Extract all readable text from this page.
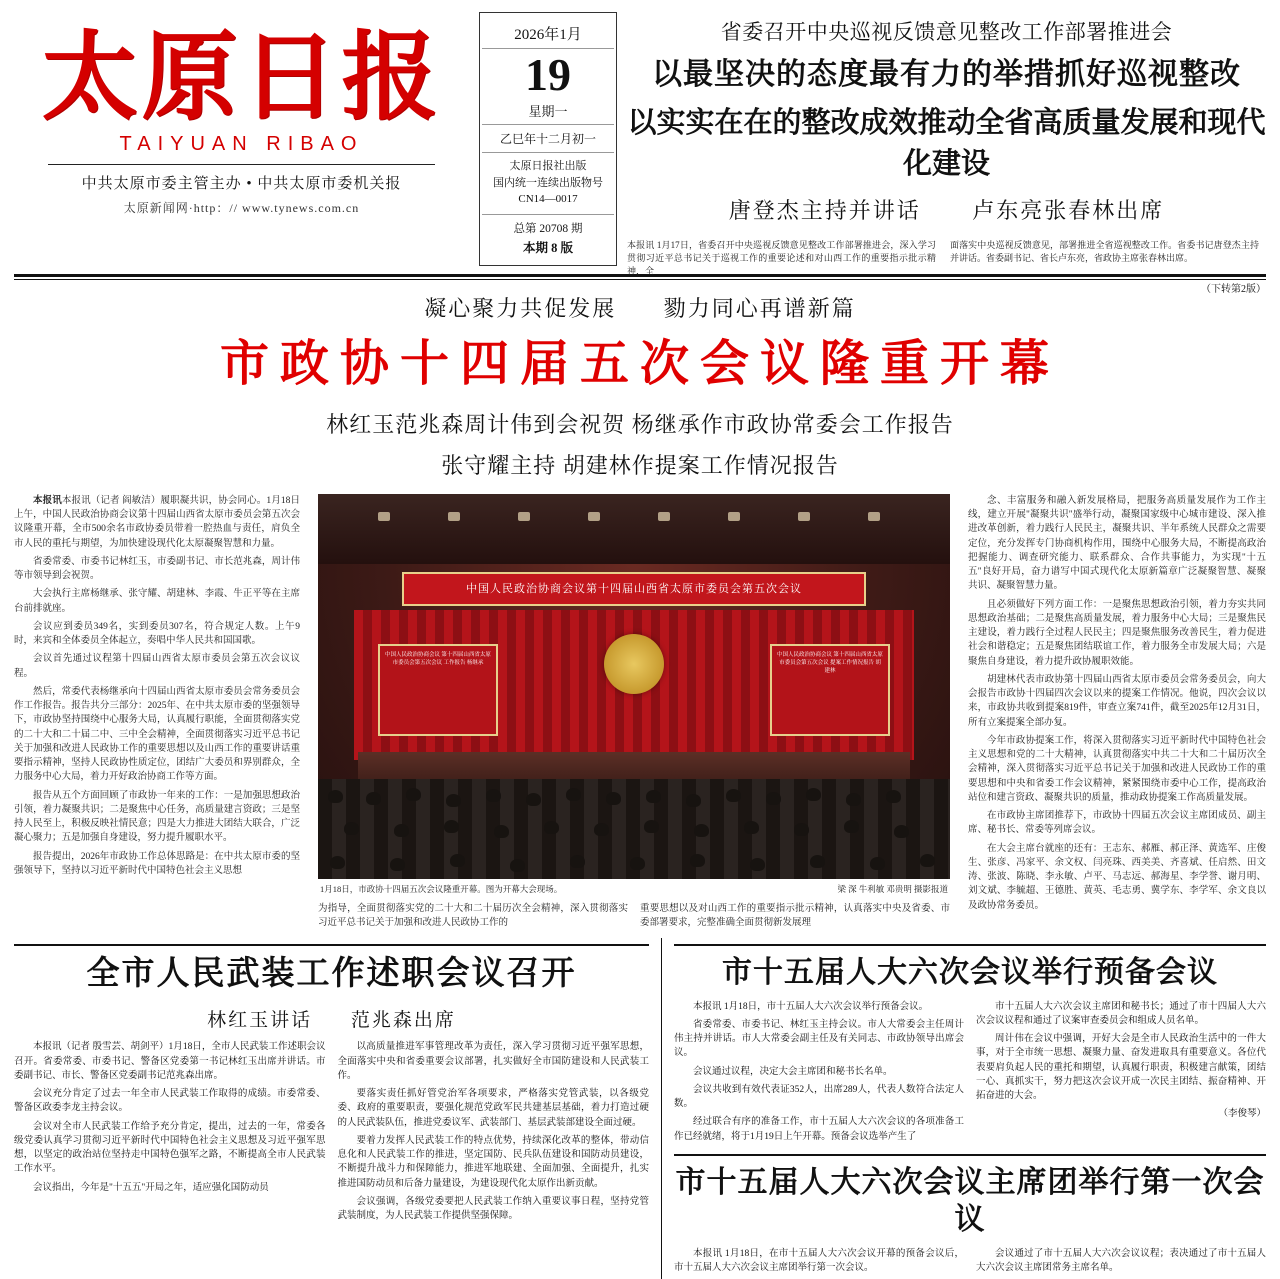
太原日报
TAIYUAN RIBAO
中共太原市委主管主办 • 中共太原市委机关报
太原新闻网·http：// www.tynews.com.cn
2026年1月
19
星期一
乙巳年十二月初一
太原日报社出版
国内统一连续出版物号
CN14—0017
总第 20708 期
本期 8 版
省委召开中央巡视反馈意见整改工作部署推进会
以最坚决的态度最有力的举措抓好巡视整改
以实实在在的整改成效推动全省高质量发展和现代化建设
唐登杰主持并讲话 卢东亮张春林出席
本报讯 1月17日，省委召开中央巡视反馈意见整改工作部署推进会，深入学习贯彻习近平总书记关于巡视工作的重要论述和对山西工作的重要指示批示精神，全
面落实中央巡视反馈意见，部署推进全省巡视整改工作。省委书记唐登杰主持并讲话。省委副书记、省长卢东亮，省政协主席张春林出席。
（下转第2版）
凝心聚力共促发展 勠力同心再谱新篇
市政协十四届五次会议隆重开幕
林红玉范兆森周计伟到会祝贺 杨继承作市政协常委会工作报告
张守耀主持 胡建林作提案工作情况报告

本报讯本报讯（记者 阎敏洁）履职凝共识，协会同心。1月18日上午，中国人民政治协商会议第十四届山西省太原市委员会第五次会议隆重开幕，全市500余名市政协委员带着一腔热血与责任，肩负全市人民的重托与期望，为加快建设现代化太原凝聚智慧和力量。

省委常委、市委书记林红玉，市委副书记、市长范兆森，周计伟等市领导到会祝贺。

大会执行主席杨继承、张守耀、胡建林、李霞、牛正平等在主席台前排就座。

会议应到委员349名，实到委员307名，符合规定人数。上午9时，来宾和全体委员全体起立，奏唱中华人民共和国国歌。

会议首先通过议程第十四届山西省太原市委员会第五次会议议程。

然后，常委代表杨继承向十四届山西省太原市委员会常务委员会作工作报告。报告共分三部分：2025年、在中共太原市委的坚强领导下，市政协坚持围绕中心服务大局，认真履行职能，全面贯彻落实党的二十大和二十届二中、三中全会精神，全面贯彻落实习近平总书记关于加强和改进人民政协工作的重要思想以及山西工作的重要讲话重要指示精神，坚持人民政协性质定位，团结广大委员和界别群众，全力服务中心大局，着力开好政治协商工作等方面。

报告从五个方面回顾了市政协一年来的工作：一是加强思想政治引领，着力凝聚共识；二是聚焦中心任务，高质量建言资政；三是坚持人民至上，积极反映社情民意；四是大力推进大团结大联合，广泛凝心聚力；五是加强自身建设，努力提升履职水平。

报告提出，2026年市政协工作总体思路是：在中共太原市委的坚强领导下，坚持以习近平新时代中国特色社会主义思想

中国人民政治协商会议第十四届山西省太原市委员会第五次会议
中国人民政治协商会议 第十四届山西省太原市委员会第五次会议 工作报告 杨继承
中国人民政治协商会议 第十四届山西省太原市委员会第五次会议 提案工作情况报告 胡建林
1月18日，市政协十四届五次会议隆重开幕。图为开幕大会现场。	梁 深 牛利敏 邓贵明 摄影报道
为指导，全面贯彻落实党的二十大和二十届历次全会精神，深入贯彻落实习近平总书记关于加强和改进人民政协工作的
重要思想以及对山西工作的重要指示批示精神，认真落实中央及省委、市委部署要求，完整准确全面贯彻新发展理

念、丰富服务和融入新发展格局，把服务高质量发展作为工作主线，建立开展"凝聚共识"盛举行动，凝聚国家级中心城市建设、深入推进改革创新，着力践行人民民主，凝聚共识、半年系统人民群众之需要定位，充分发挥专门协商机构作用，围绕中心服务大局，不断提高政治把握能力、调查研究能力、联系群众、合作共事能力，为实现"十五五"良好开局，奋力谱写中国式现代化太原新篇章广泛凝聚智慧、凝聚共识、凝聚智慧力量。

且必须做好下列方面工作：一是聚焦思想政治引领，着力夯实共同思想政治基础；二是聚焦高质量发展，着力服务中心大局；三是聚焦民主建设，着力践行全过程人民民主；四是聚焦服务改善民生，着力促进社会和谐稳定；五是聚焦团结联谊工作，着力服务全市发展大局；六是聚焦自身建设，着力提升政协履职效能。

胡建林代表市政协第十四届山西省太原市委员会常务委员会，向大会报告市政协十四届四次会议以来的提案工作情况。他说，四次会议以来，市政协共收到提案819件，审查立案741件，截至2025年12月31日，所有立案提案全部办复。

今年市政协提案工作，将深入贯彻落实习近平新时代中国特色社会主义思想和党的二十大精神，认真贯彻落实中共二十大和二十届历次全会精神，深入贯彻落实习近平总书记关于加强和改进人民政协工作的重要思想和中央和省委工作会议精神，紧紧围绕市委中心工作，提高政治站位和建言资政、凝聚共识的质量，推动政协提案工作高质量发展。

在市政协主席团推荐下，市政协十四届五次会议主席团成员、副主席、秘书长、常委等列席会议。

在大会主席台就座的还有：王志东、郝雁、郝正泽、黄选军、庄俊生、张彦、冯家平、余文权、闫亮珠、西美美、齐喜斌、任启然、田文涛、张波、陈晓、李永敏、卢平、马志远、郝海星、李学誉、谢月明、刘文斌、李毓超、王德胜、黄英、毛志勇、冀学东、李学军、余文良以及政协常务委员。

全市人民武装工作述职会议召开
林红玉讲话 范兆森出席

本报讯（记者 殷雪芸、胡剑平）1月18日，全市人民武装工作述职会议召开。省委常委、市委书记、警备区党委第一书记林红玉出席并讲话。市委副书记、市长、警备区党委副书记范兆森出席。

会议充分肯定了过去一年全市人民武装工作取得的成绩。市委常委、警备区政委李龙主持会议。

会议对全市人民武装工作给予充分肯定，提出，过去的一年，常委各级党委认真学习贯彻习近平新时代中国特色社会主义思想及习近平强军思想，以坚定的政治站位坚持走中国特色强军之路，不断提高全市人民武装工作水平。

会议指出，今年是"十五五"开局之年，适应强化国防动员

以高质量推进军事管理改革为责任，深入学习贯彻习近平强军思想，全面落实中央和省委重要会议部署，扎实做好全市国防建设和人民武装工作。

要落实责任抓好管党治军各项要求，严格落实党管武装，以各级党委、政府的重要职责，要强化规范党政军民共建基层基础，着力打造过硬的人民武装队伍，推进党委议军、武装部门、基层武装部建设全面过硬。

要着力发挥人民武装工作的特点优势，持续深化改革的整体，带动信息化和人民武装工作的推进，坚定国防、民兵队伍建设和国防动员建设，不断提升战斗力和保障能力，推进军地联建、全面加强、全面提升，扎实推进国防动员和后备力量建设，为建设现代化太原作出新贡献。

会议强调，各级党委要把人民武装工作纳入重要议事日程，坚持党管武装制度，为人民武装工作提供坚强保障。

市十五届人大六次会议举行预备会议

本报讯 1月18日，市十五届人大六次会议举行预备会议。

省委常委、市委书记、林红玉主持会议。市人大常委会主任周计伟主持并讲话。市人大常委会副主任及有关同志、市政协领导出席会议。

会议通过议程，决定大会主席团和秘书长名单。

会议共收到有效代表证352人，出席289人，代表人数符合法定人数。

经过联合有序的准备工作，市十五届人大六次会议的各项准备工作已经就绪，将于1月19日上午开幕。预备会议选举产生了

市十五届人大六次会议主席团和秘书长；通过了市十四届人大六次会议议程和通过了议案审查委员会和组成人员名单。

周计伟在会议中强调，开好大会是全市人民政治生活中的一件大事，对于全市统一思想、凝聚力量、奋发进取具有重要意义。各位代表要肩负起人民的重托和期望，认真履行职责，积极建言献策，团结一心、真抓实干，努力把这次会议开成一次民主团结、振奋精神、开拓奋进的大会。

（李俊琴）

市十五届人大六次会议主席团举行第一次会议

本报讯 1月18日，在市十五届人大六次会议开幕的预备会议后，市十五届人大六次会议主席团举行第一次会议。

会议通过了市十五届人大六次会议议程；表决通过了市十五届人大六次会议主席团常务主席名单。
